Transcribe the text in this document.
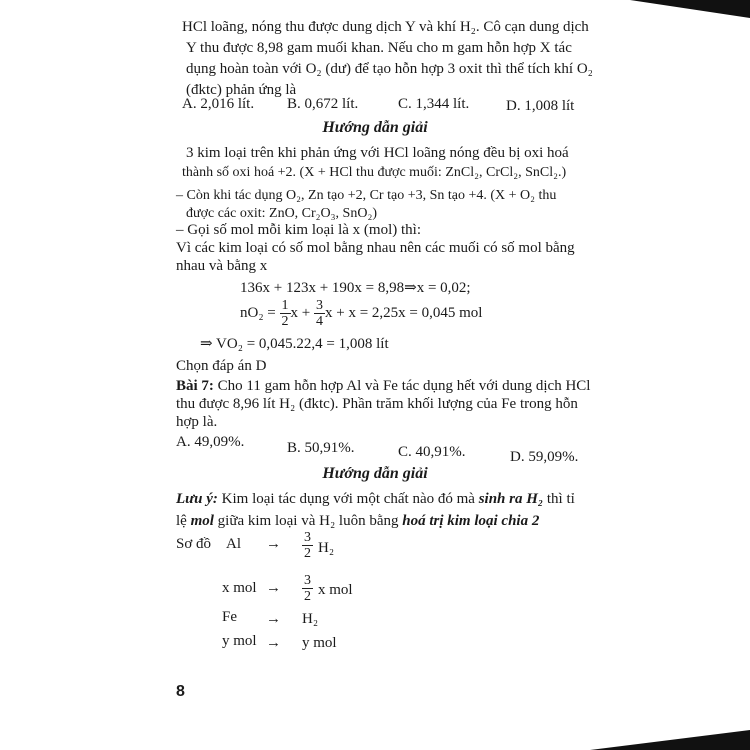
HCl loãng, nóng thu được dung dịch Y và khí H₂. Cô cạn dung dịch
Y thu được 8,98 gam muối khan. Nếu cho m gam hỗn hợp X tác
dụng hoàn toàn với O₂ (dư) để tạo hỗn hợp 3 oxit thì thể tích khí O₂
(đktc) phản ứng là
A. 2,016 lít. B. 0,672 lít.	C. 1,344 lít. D. 1,008 lít
Hướng dẫn giải
3 kim loại trên khi phản ứng với HCl loãng nóng đều bị oxi hoá
thành số oxi hoá +2. (X + HCl thu được muối: ZnCl₂, CrCl₂, SnCl₂.)
– Còn khi tác dụng O₂, Zn tạo +2, Cr tạo +3, Sn tạo +4. (X + O₂ thu
được các oxit: ZnO, Cr₂O₃, SnO₂)
– Gọi số mol mỗi kim loại là x (mol) thì:
Vì các kim loại có số mol bằng nhau nên các muối có số mol bằng
nhau và bằng x
136x + 123x + 190x = 8,98⇒x = 0,02;
$nO_2 = \frac{1}{2}$ $x + \frac{3}{4}$ x + x = 2,25x = 0,045 mol
⇒ VO₂ = 0,045.22,4 = 1,008 lít
Chọn đáp án D
Bài 7: Cho 11 gam hỗn hợp Al và Fe tác dụng hết với dung dịch HCl
thu được 8,96 lít H₂ (đktc). Phần trăm khối lượng của Fe trong hỗn
hợp là.
A. 49,09%.	B. 50,91%.	C. 40,91%.	D. 59,09%.
Hướng dẫn giải
Lưu ý: Kim loại tác dụng với một chất nào đó mà sinh ra H₂ thì tỉ
lệ mol giữa kim loại và H₂ luôn bằng hoá trị kim loại chia 2
Sơ đồ $Al \to \frac{3}{2} H_2$
x mol → $\frac{3}{2}$ x mol
Fe → H₂
y mol → y mol
8
